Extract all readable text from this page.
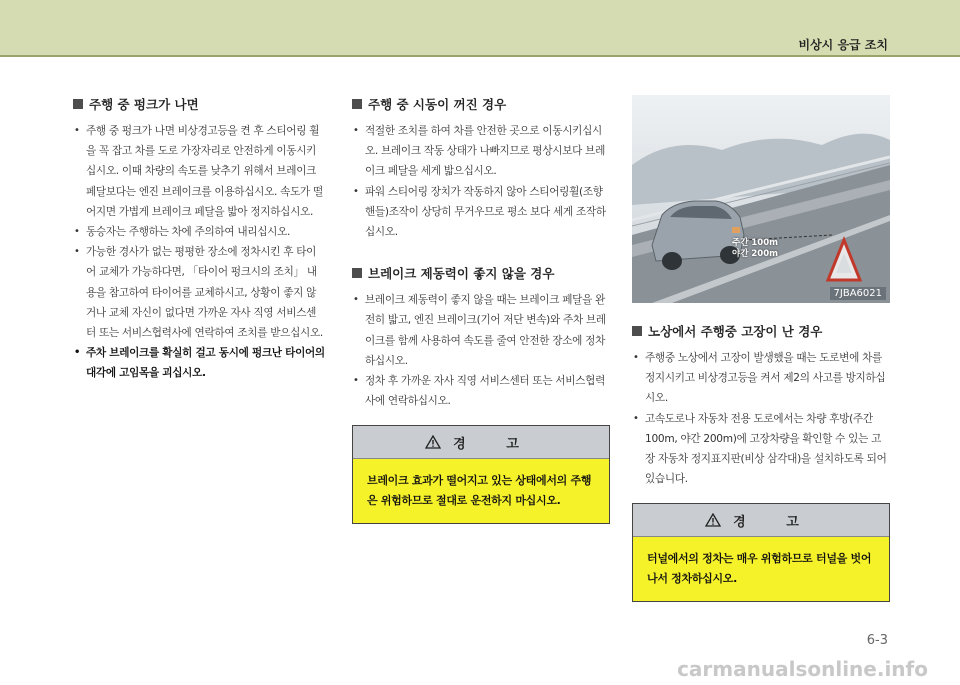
비상시 응급 조치
주행 중 펑크가 나면
• 주행 중 펑크가 나면 비상경고등을 켠 후 스티어링 휠을 꼭 잡고 차를 도로 가장자리로 안전하게 이동시키십시오. 이때 차량의 속도를 낮추기 위해서 브레이크 페달보다는 엔진 브레이크를 이용하십시오. 속도가 떨어지면 가볍게 브레이크 페달을 밟아 정지하십시오.
• 동승자는 주행하는 차에 주의하여 내리십시오.
• 가능한 경사가 없는 평평한 장소에 정차시킨 후 타이어 교체가 가능하다면, 「타이어 펑크시의 조치」 내용을 참고하여 타이어를 교체하시고, 상황이 좋지 않거나 교체 자신이 없다면 가까운 자사 직영 서비스센터 또는 서비스협력사에 연락하여 조치를 받으십시오.
• 주차 브레이크를 확실히 걸고 동시에 펑크난 타이어의 대각에 고임목을 괴십시오.
주행 중 시동이 꺼진 경우
• 적절한 조치를 하여 차를 안전한 곳으로 이동시키십시오. 브레이크 작동 상태가 나빠지므로 평상시보다 브레이크 페달을 세게 밟으십시오.
• 파워 스티어링 장치가 작동하지 않아 스티어링휠(조향 핸들)조작이 상당히 무거우므로 평소 보다 세게 조작하십시오.
브레이크 제동력이 좋지 않을 경우
• 브레이크 제동력이 좋지 않을 때는 브레이크 페달을 완전히 밟고, 엔진 브레이크(기어 저단 변속)와 주차 브레이크를 함께 사용하여 속도를 줄여 안전한 장소에 정차하십시오.
• 정차 후 가까운 자사 직영 서비스센터 또는 서비스협력사에 연락하십시오.
경 고
브레이크 효과가 떨어지고 있는 상태에서의 주행은 위험하므로 절대로 운전하지 마십시오.
주간 100m
야간 200m
7JBA6021
노상에서 주행중 고장이 난 경우
• 주행중 노상에서 고장이 발생했을 때는 도로변에 차를 정지시키고 비상경고등을 켜서 제2의 사고를 방지하십시오.
• 고속도로나 자동차 전용 도로에서는 차량 후방(주간 100m, 야간 200m)에 고장차량을 확인할 수 있는 고장 자동차 정지표지판(비상 삼각대)을 설치하도록 되어 있습니다.
경 고
터널에서의 정차는 매우 위험하므로 터널을 벗어나서 정차하십시오.
6-3
carmanualsonline.info
